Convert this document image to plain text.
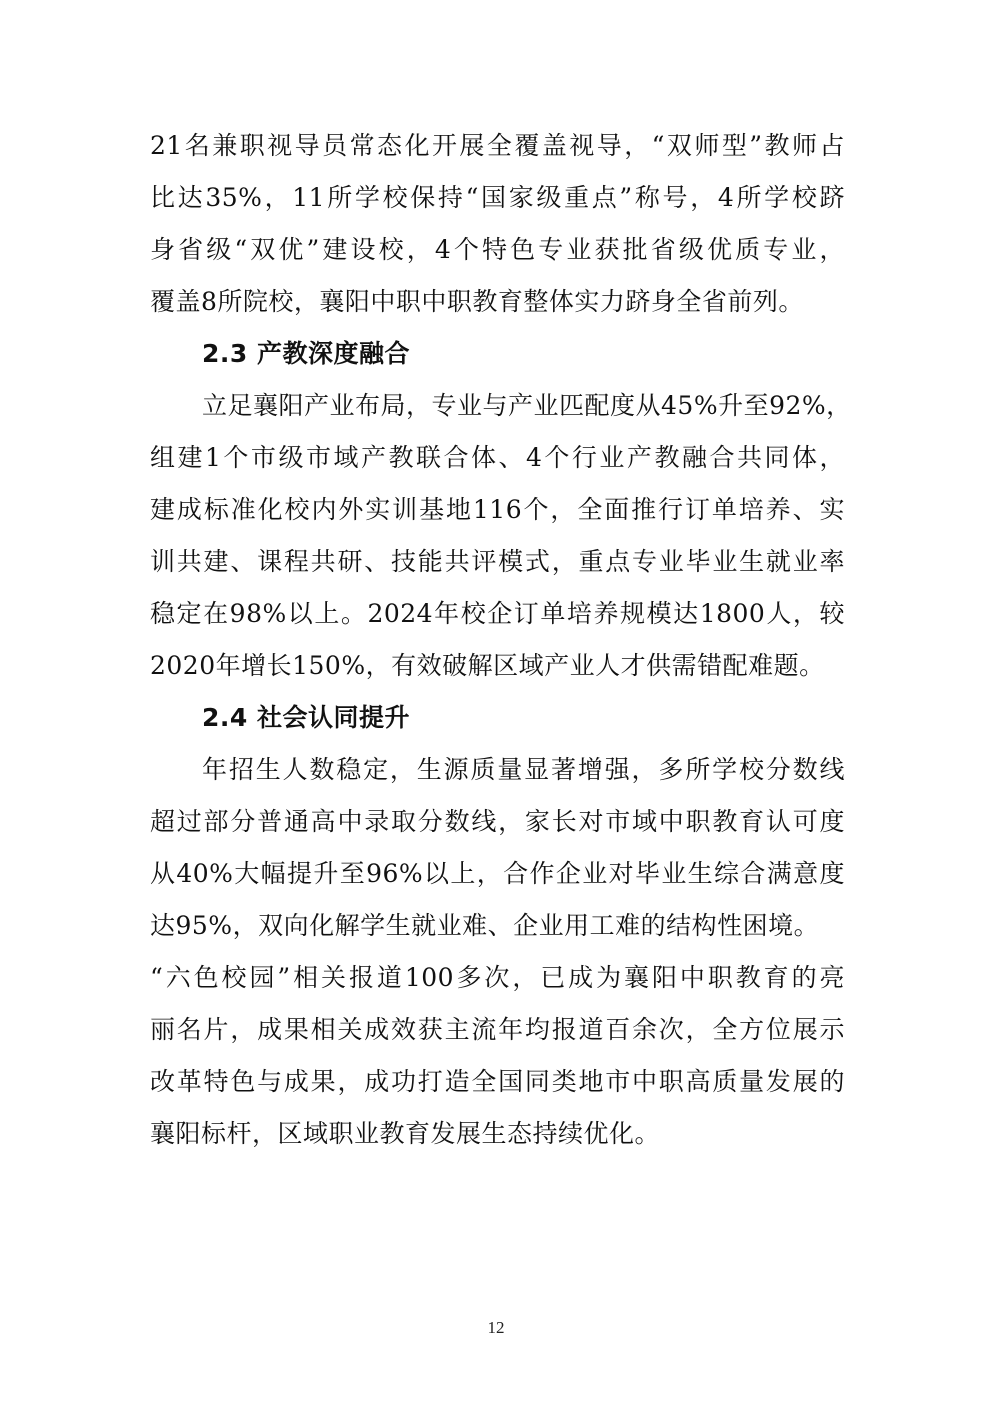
21名兼职视导员常态化开展全覆盖视导，“双师型”教师占
比达35%，11所学校保持“国家级重点”称号，4所学校跻
身省级“双优”建设校，4个特色专业获批省级优质专业，
覆盖8所院校，襄阳中职中职教育整体实力跻身全省前列。
2.3 产教深度融合
立足襄阳产业布局，专业与产业匹配度从45%升至92%，
组建1个市级市域产教联合体、4个行业产教融合共同体，
建成标准化校内外实训基地116个，全面推行订单培养、实
训共建、课程共研、技能共评模式，重点专业毕业生就业率
稳定在98%以上。2024年校企订单培养规模达1800人，较
2020年增长150%，有效破解区域产业人才供需错配难题。
2.4 社会认同提升
年招生人数稳定，生源质量显著增强，多所学校分数线
超过部分普通高中录取分数线，家长对市域中职教育认可度
从40%大幅提升至96%以上，合作企业对毕业生综合满意度
达95%，双向化解学生就业难、企业用工难的结构性困境。
“六色校园”相关报道100多次，已成为襄阳中职教育的亮
丽名片，成果相关成效获主流年均报道百余次，全方位展示
改革特色与成果，成功打造全国同类地市中职高质量发展的
襄阳标杆，区域职业教育发展生态持续优化。
12
